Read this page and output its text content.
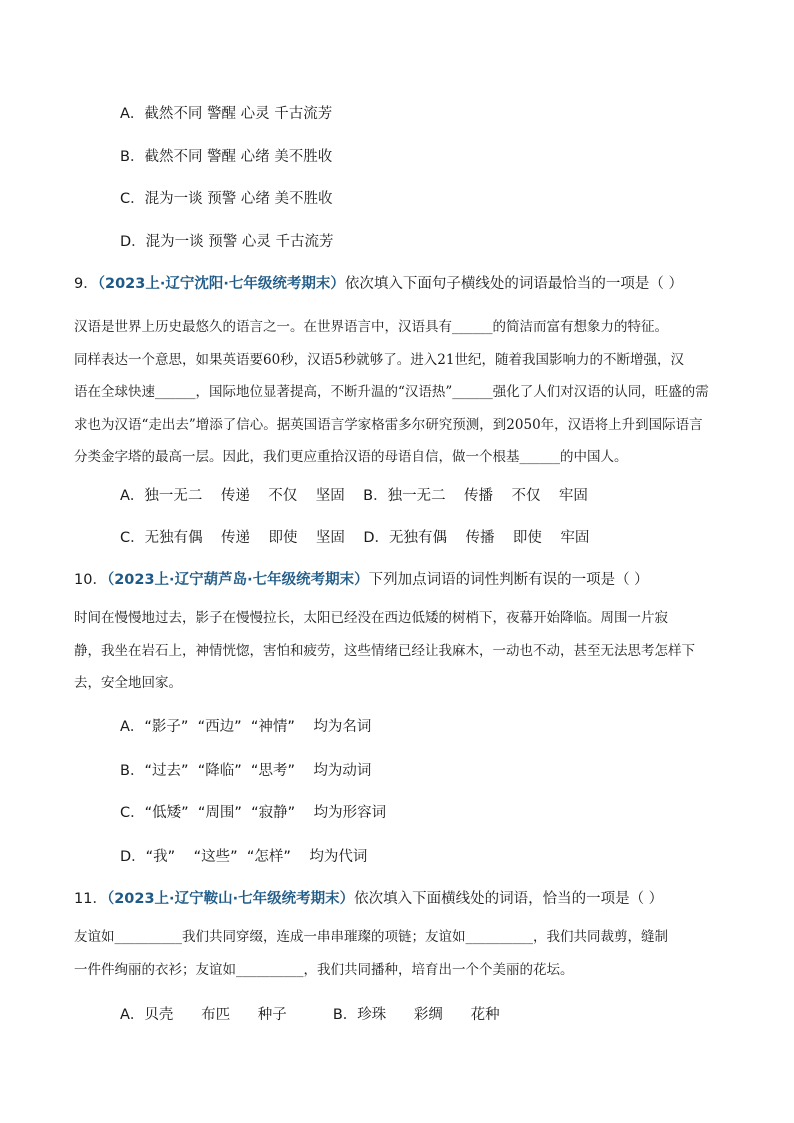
A．截然不同 警醒 心灵 千古流芳
B．截然不同 警醒 心绪 美不胜收
C．混为一谈 预警 心绪 美不胜收
D．混为一谈 预警 心灵 千古流芳
9．（2023上·辽宁沈阳·七年级统考期末）依次填入下面句子横线处的词语最恰当的一项是（ ）

汉语是世界上历史最悠久的语言之一。在世界语言中，汉语具有______的简洁而富有想象力的特征。

同样表达一个意思，如果英语要60秒，汉语5秒就够了。进入21世纪，随着我国影响力的不断增强，汉

语在全球快速______，国际地位显著提高，不断升温的“汉语热”______强化了人们对汉语的认同，旺盛的需

求也为汉语“走出去”增添了信心。据英国语言学家格雷多尔研究预测，到2050年，汉语将上升到国际语言

分类金字塔的最高一层。因此，我们更应重拾汉语的母语自信，做一个根基______的中国人。

A．独一无二    传递    不仅    坚固    B．独一无二    传播    不仅    牢固
C．无独有偶    传递    即使    坚固    D．无独有偶    传播    即使    牢固
10．（2023上·辽宁葫芦岛·七年级统考期末）下列加点词语的词性判断有误的一项是（ ）

时间在慢慢地过去，影子在慢慢拉长，太阳已经没在西边低矮的树梢下，夜幕开始降临。周围一片寂

静，我坐在岩石上，神情恍惚，害怕和疲劳，这些情绪已经让我麻木，一动也不动，甚至无法思考怎样下

去，安全地回家。

A．“影子”  “西边”  “神情”    均为名词
B．“过去”  “降临”  “思考”    均为动词
C．“低矮”  “周围”  “寂静”    均为形容词
D．“我”    “这些”  “怎样”    均为代词
11．（2023上·辽宁鞍山·七年级统考期末）依次填入下面横线处的词语，恰当的一项是（ ）

友谊如__________我们共同穿缀，连成一串串璀璨的项链；友谊如__________，我们共同裁剪，缝制

一件件绚丽的衣衫；友谊如__________，我们共同播种，培育出一个个美丽的花坛。

A．贝壳      布匹      种子          B．珍珠      彩绸      花种
